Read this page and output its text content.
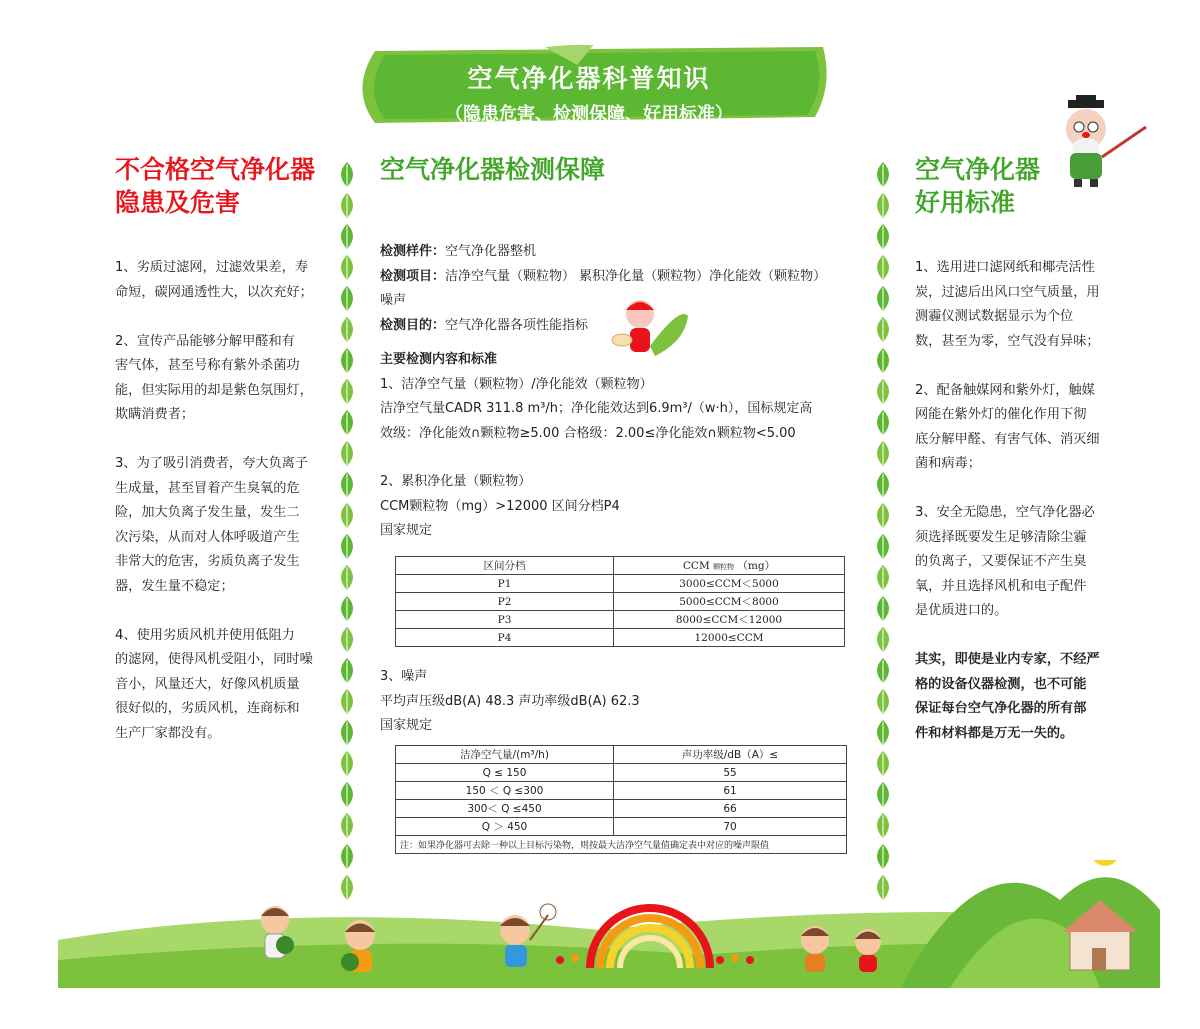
空气净化器科普知识
（隐患危害、检测保障、好用标准）
不合格空气净化器
隐患及危害

1、劣质过滤网，过滤效果差，寿

命短，碳网通透性大，以次充好；

2、宣传产品能够分解甲醛和有

害气体，甚至号称有紫外杀菌功

能，但实际用的却是紫色氛围灯，

欺瞒消费者；

3、为了吸引消费者，夸大负离子

生成量，甚至冒着产生臭氧的危

险，加大负离子发生量，发生二

次污染，从而对人体呼吸道产生

非常大的危害，劣质负离子发生

器，发生量不稳定；

4、使用劣质风机并使用低阻力

的滤网，使得风机受阻小，同时噪

音小，风量还大，好像风机质量

很好似的，劣质风机，连商标和

生产厂家都没有。

空气净化器检测保障
检测样件：空气净化器整机
检测项目：洁净空气量（颗粒物） 累积净化量（颗粒物）净化能效（颗粒物）
噪声
检测目的：空气净化器各项性能指标
主要检测内容和标准
1、洁净空气量（颗粒物）/净化能效（颗粒物）
洁净空气量CADR 311.8 m³/h；净化能效达到6.9m³/（w·h），国标规定高
效级：净化能效∩颗粒物≥5.00 合格级：2.00≤净化能效∩颗粒物<5.00
2、累积净化量（颗粒物）
CCM颗粒物（mg）>12000 区间分档P4
国家规定
区间分档	CCM 颗粒物 （mg）
P1	3000≤CCM＜5000
P2	5000≤CCM＜8000
P3	8000≤CCM＜12000
P4	12000≤CCM
3、噪声
平均声压级dB(A) 48.3 声功率级dB(A) 62.3
国家规定
洁净空气量/(m³/h)	声功率级/dB（A）≤
Q ≤ 150	55
150 ＜ Q ≤300	61
300＜ Q ≤450	66
Q ＞ 450	70
注：如果净化器可去除一种以上目标污染物，则按最大洁净空气量值确定表中对应的噪声限值	
空气净化器
好用标准

1、选用进口滤网纸和椰壳活性

炭，过滤后出风口空气质量，用

测霾仪测试数据显示为个位

数，甚至为零，空气没有异味；

2、配备触媒网和紫外灯，触媒

网能在紫外灯的催化作用下彻

底分解甲醛、有害气体、消灭细

菌和病毒；

3、安全无隐患，空气净化器必

须选择既要发生足够清除尘霾

的负离子，又要保证不产生臭

氧，并且选择风机和电子配件

是优质进口的。

其实，即使是业内专家，不经严

格的设备仪器检测，也不可能

保证每台空气净化器的所有部

件和材料都是万无一失的。
